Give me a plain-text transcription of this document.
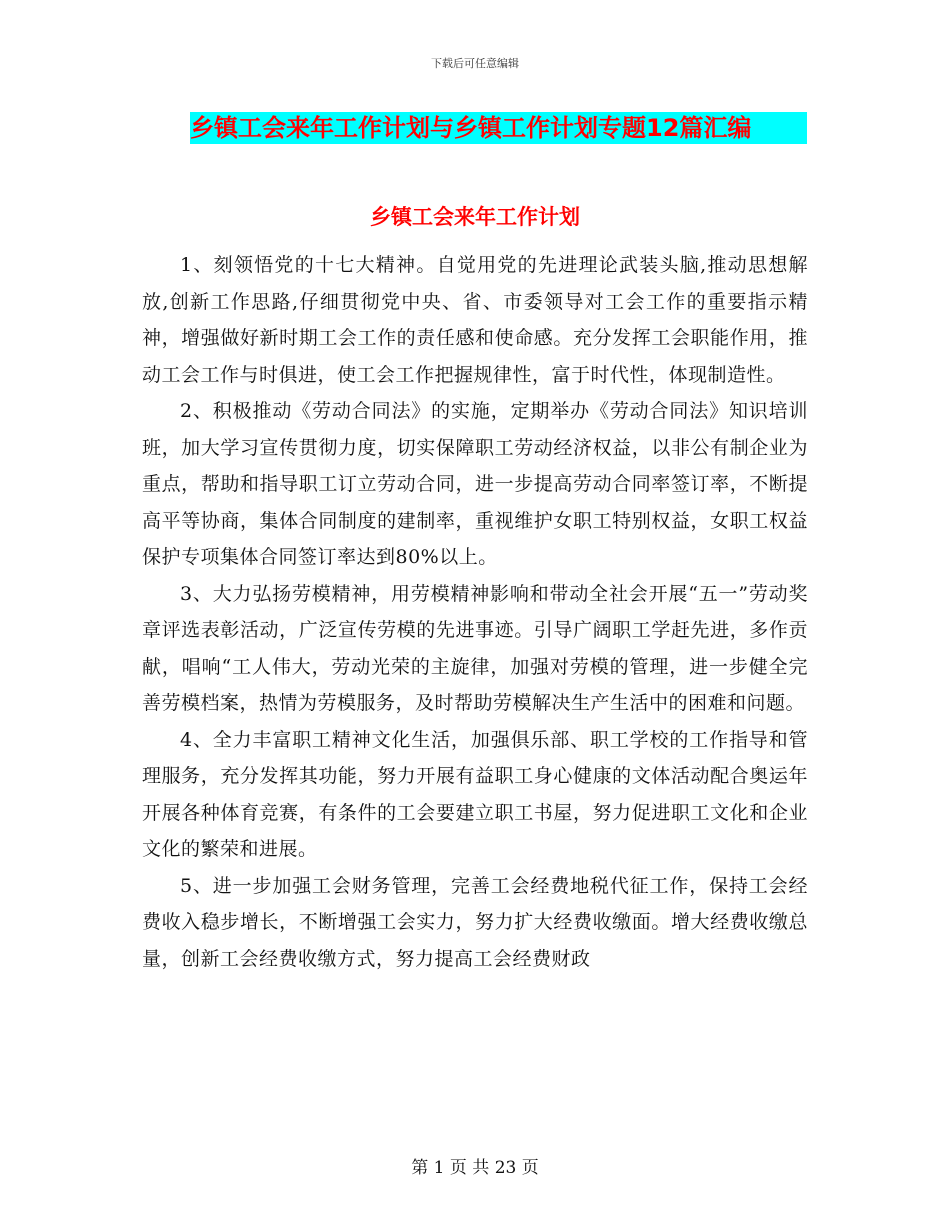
下载后可任意编辑
乡镇工会来年工作计划与乡镇工作计划专题12篇汇编
乡镇工会来年工作计划

1、刻领悟党的十七大精神。自觉用党的先进理论武装头脑,推动思想解放,创新工作思路,仔细贯彻党中央、省、市委领导对工会工作的重要指示精神，增强做好新时期工会工作的责任感和使命感。充分发挥工会职能作用，推动工会工作与时俱进，使工会工作把握规律性，富于时代性，体现制造性。

2、积极推动《劳动合同法》的实施，定期举办《劳动合同法》知识培训班，加大学习宣传贯彻力度，切实保障职工劳动经济权益，以非公有制企业为重点，帮助和指导职工订立劳动合同，进一步提高劳动合同率签订率，不断提高平等协商，集体合同制度的建制率，重视维护女职工特别权益，女职工权益保护专项集体合同签订率达到80%以上。

3、大力弘扬劳模精神，用劳模精神影响和带动全社会开展“五一”劳动奖章评选表彰活动，广泛宣传劳模的先进事迹。引导广阔职工学赶先进，多作贡献，唱响“工人伟大，劳动光荣的主旋律，加强对劳模的管理，进一步健全完善劳模档案，热情为劳模服务，及时帮助劳模解决生产生活中的困难和问题。

4、全力丰富职工精神文化生活，加强俱乐部、职工学校的工作指导和管理服务，充分发挥其功能，努力开展有益职工身心健康的文体活动配合奥运年开展各种体育竞赛，有条件的工会要建立职工书屋，努力促进职工文化和企业文化的繁荣和进展。

5、进一步加强工会财务管理，完善工会经费地税代征工作，保持工会经费收入稳步增长，不断增强工会实力，努力扩大经费收缴面。增大经费收缴总量，创新工会经费收缴方式，努力提高工会经费财政

第 1 页 共 23 页
